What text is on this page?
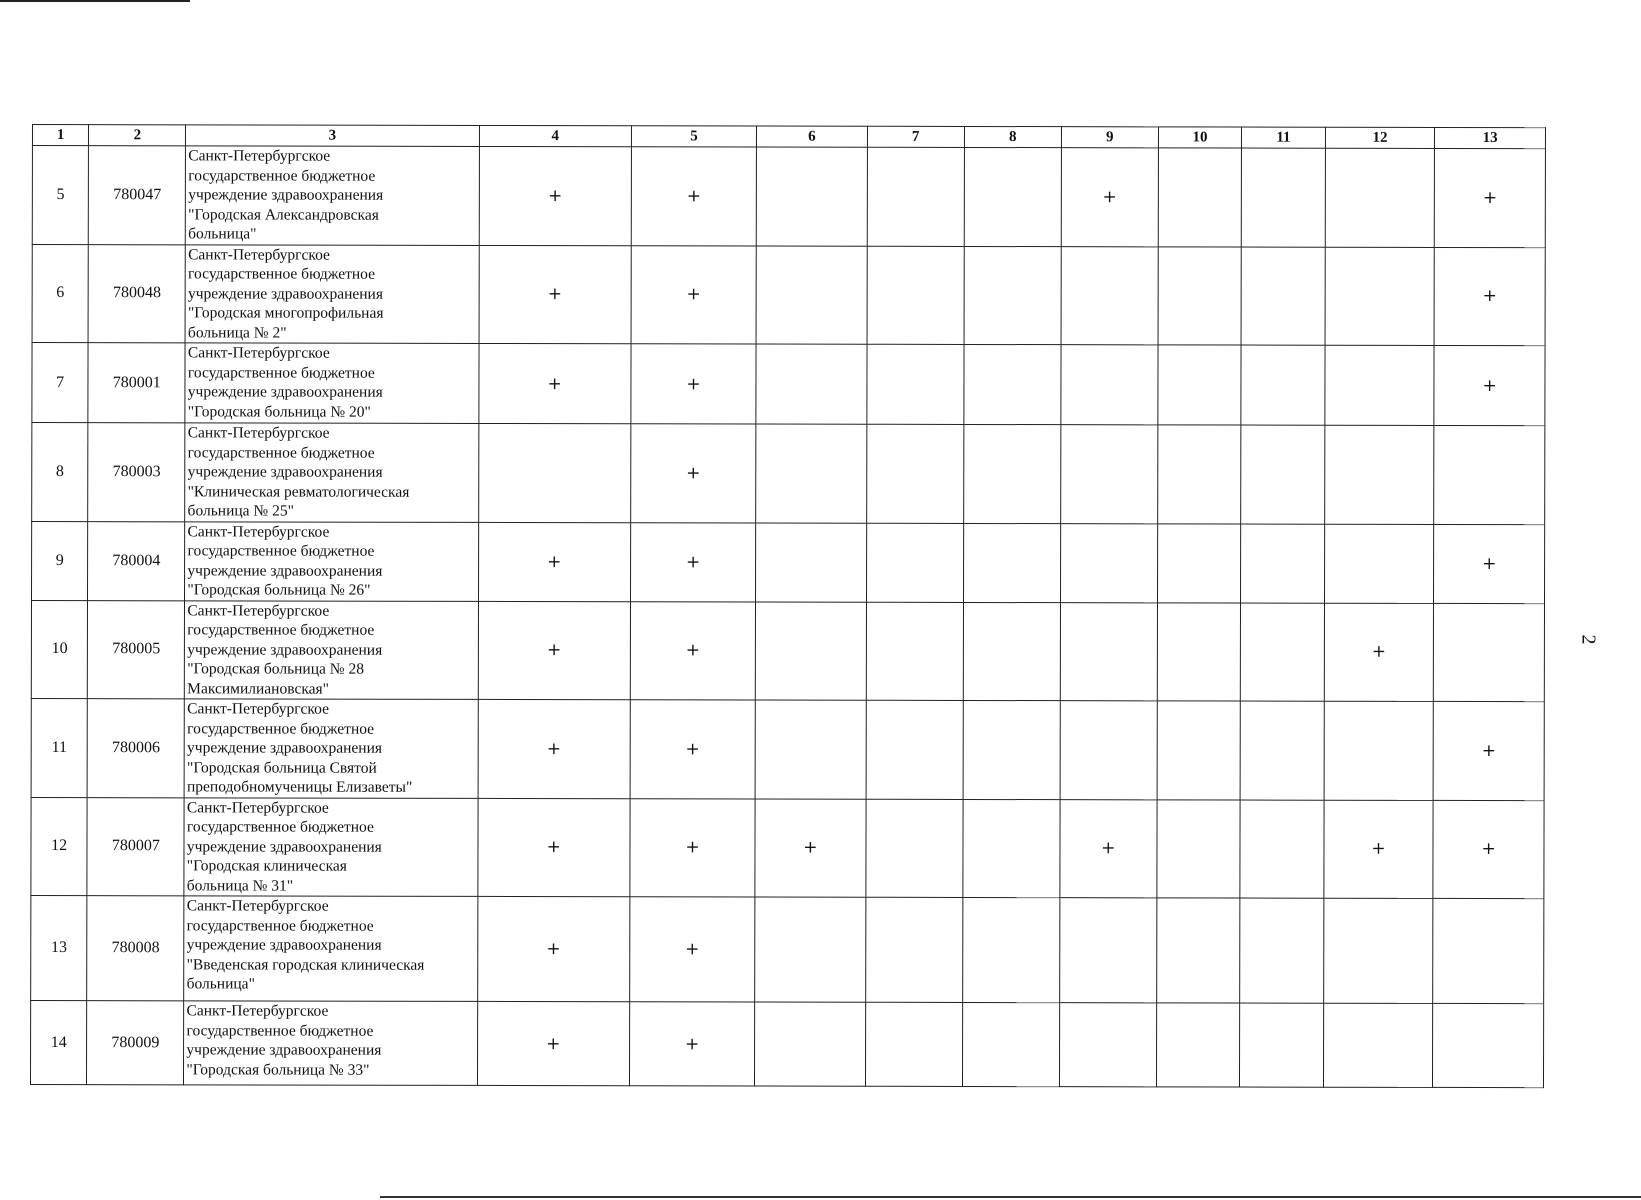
1	2	3	4	5	6	7	8	9	10	11	12	13
5	780047	Санкт-Петербургское
государственное бюджетное
учреждение здравоохранения
"Городская Александровская
больница"	+	+				+				+
6	780048	Санкт-Петербургское
государственное бюджетное
учреждение здравоохранения
"Городская многопрофильная
больница № 2"	+	+								+
7	780001	Санкт-Петербургское
государственное бюджетное
учреждение здравоохранения
"Городская больница № 20"	+	+								+
8	780003	Санкт-Петербургское
государственное бюджетное
учреждение здравоохранения
"Клиническая ревматологическая
больница № 25"		+								
9	780004	Санкт-Петербургское
государственное бюджетное
учреждение здравоохранения
"Городская больница № 26"	+	+								+
10	780005	Санкт-Петербургское
государственное бюджетное
учреждение здравоохранения
"Городская больница № 28
Максимилиановская"	+	+							+	
11	780006	Санкт-Петербургское
государственное бюджетное
учреждение здравоохранения
"Городская больница Святой
преподобномученицы Елизаветы"	+	+								+
12	780007	Санкт-Петербургское
государственное бюджетное
учреждение здравоохранения
"Городская клиническая
больница № 31"	+	+	+			+			+	+
13	780008	Санкт-Петербургское
государственное бюджетное
учреждение здравоохранения
"Введенская городская клиническая
больница"	+	+								
14	780009	Санкт-Петербургское
государственное бюджетное
учреждение здравоохранения
"Городская больница № 33"	+	+								
2
